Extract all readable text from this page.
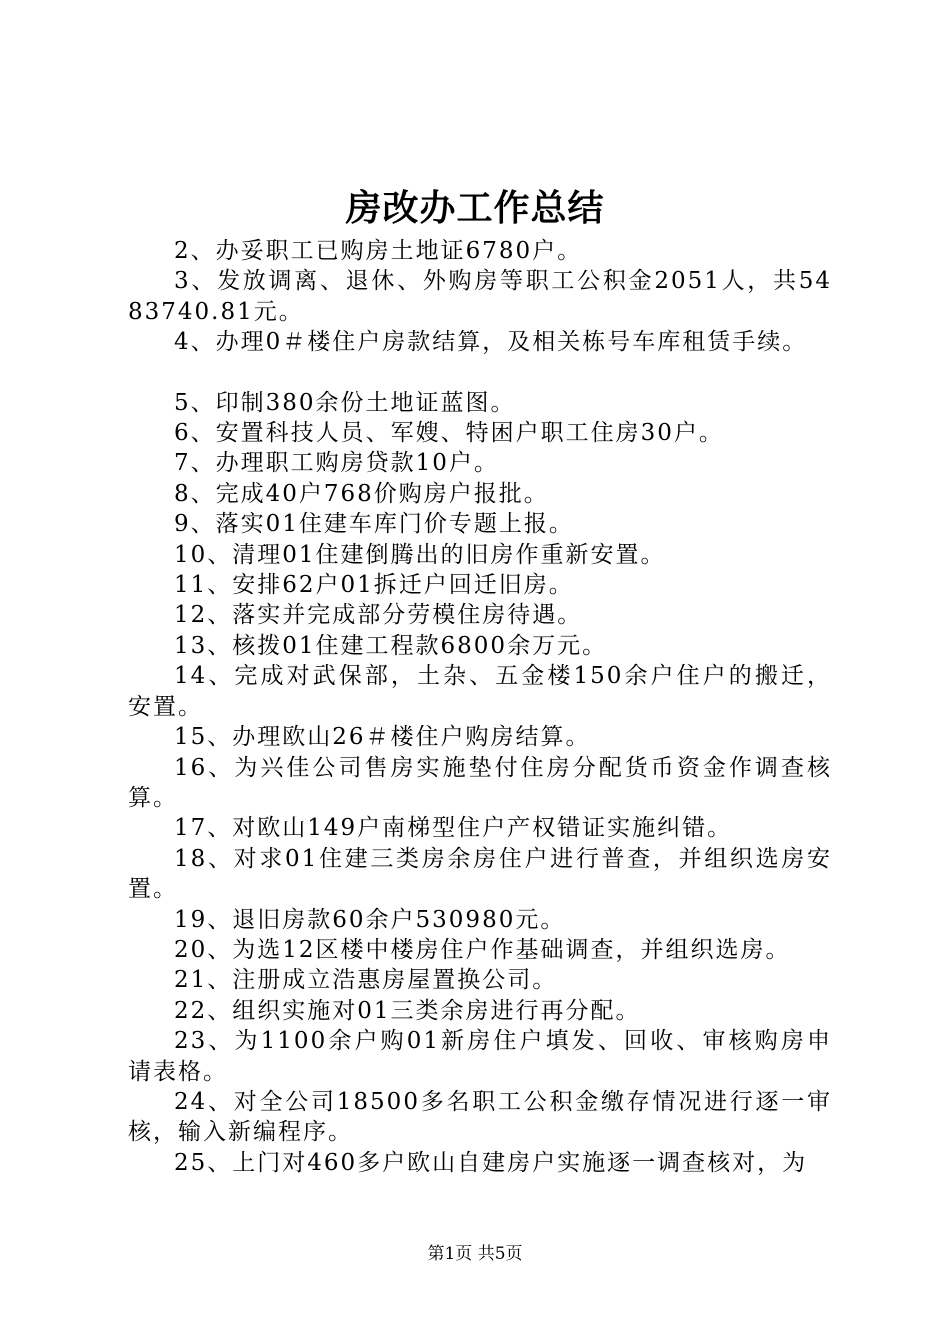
房改办工作总结

2、办妥职工已购房土地证6780户。

3、发放调离、退休、外购房等职工公积金2051人，共5483740.81元。

4、办理0＃楼住户房款结算，及相关栋号车库租赁手续。

5、印制380余份土地证蓝图。

6、安置科技人员、军嫂、特困户职工住房30户。

7、办理职工购房贷款10户。

8、完成40户768价购房户报批。

9、落实01住建车库门价专题上报。

10、清理01住建倒腾出的旧房作重新安置。

11、安排62户01拆迁户回迁旧房。

12、落实并完成部分劳模住房待遇。

13、核拨01住建工程款6800余万元。

14、完成对武保部，土杂、五金楼150余户住户的搬迁，安置。

15、办理欧山26＃楼住户购房结算。

16、为兴佳公司售房实施垫付住房分配货币资金作调查核算。

17、对欧山149户南梯型住户产权错证实施纠错。

18、对求01住建三类房余房住户进行普查，并组织选房安置。

19、退旧房款60余户530980元。

20、为选12区楼中楼房住户作基础调查，并组织选房。

21、注册成立浩惠房屋置换公司。

22、组织实施对01三类余房进行再分配。

23、为1100余户购01新房住户填发、回收、审核购房申请表格。

24、对全公司18500多名职工公积金缴存情况进行逐一审核，输入新编程序。

25、上门对460多户欧山自建房户实施逐一调查核对，为

第1页 共5页
